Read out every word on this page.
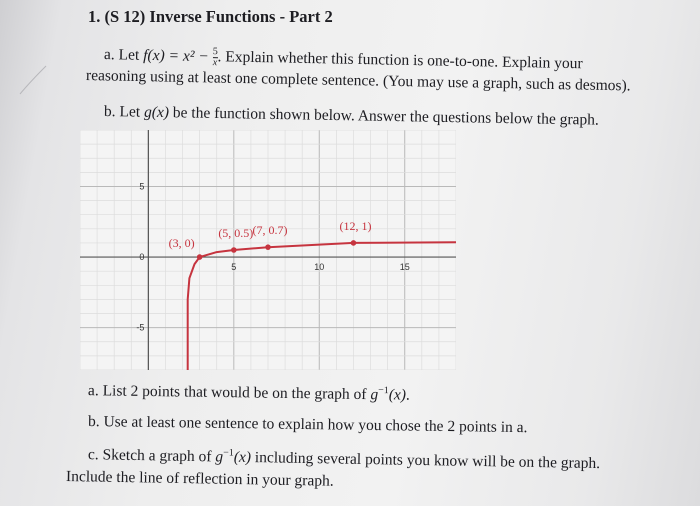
1. (S 12) Inverse Functions - Part 2
a. Let $f(x) = x^2 - \frac{5}{x}$ . Explain whether this function is one-to-one. Explain your
reasoning using at least one complete sentence. (You may use a graph, such as desmos).
b. Let g(x) be the function shown below. Answer the questions below the graph.
5	10	15
5
0
-5
(3, 0)
(5, 0.5) (7, 0.7)	(12, 1)
a. List 2 points that would be on the graph of $g^{-1}(x)$.
b. Use at least one sentence to explain how you chose the 2 points in a.
c. Sketch a graph of $g^{-1}(x)$ including several points you know will be on the graph.
Include the line of reflection in your graph.
